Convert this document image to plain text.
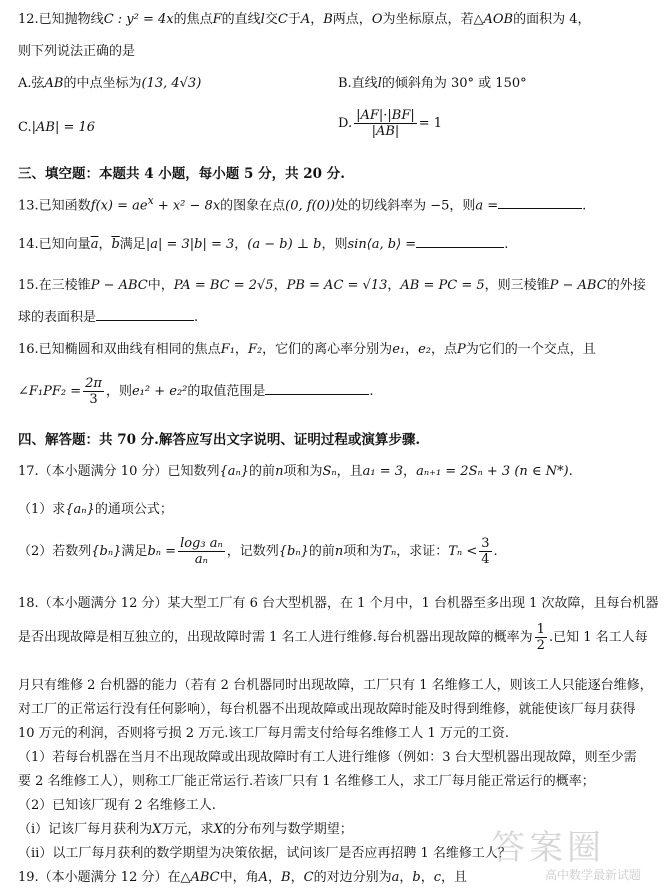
12.已知抛物线C : y² = 4x的焦点F的直线l交C于A，B两点，O为坐标原点，若△AOB的面积为 4，
则下列说法正确的是
A.弦AB的中点坐标为(13, 4√3)	B.直线l的倾斜角为 30° 或 150°
C.|AB| = 16	D. $\frac{|AF|\cdot|BF|}{|AB|} = 1$
三、填空题：本题共 4 小题，每小题 5 分，共 20 分.
13.已知函数$f(x) = ae^x + x^2 - 8x$的图象在点(0, f(0))处的切线斜率为 −5，则a =	.
14.已知向量$\overline{a}$，$\overline{b}$满足|a| = 3|b| = 3，(a − b) ⊥ b，则sin⟨a, b⟩ =	.
15.在三棱锥P − ABC中，PA = BC = 2√5，PB = AC = √13，AB = PC = 5，则三棱锥P − ABC的外接
球的表面积是	.
16.已知椭圆和双曲线有相同的焦点F₁，F₂，它们的离心率分别为e₁，e₂，点P为它们的一个交点，且
∠F₁PF₂ = $\frac{2\pi}{3}$ ，则e₁² + e₂²的取值范围是	.
四、解答题：共 70 分.解答应写出文字说明、证明过程或演算步骤.
17.（本小题满分 10 分）已知数列{aₙ}的前n项和为Sₙ，且a₁ = 3，aₙ₊₁ = 2Sₙ + 3 (n ∈ N*).
（1）求{aₙ}的通项公式；
（2）若数列{bₙ}满足$b_n = \frac{\text{log₃ aₙ}}{\text{aₙ}}$ ，记数列{bₙ}的前n项和为Tₙ，求证：$T_n < \frac{3}{4}$ .
18.（本小题满分 12 分）某大型工厂有 6 台大型机器，在 1 个月中，1 台机器至多出现 1 次故障，且每台机器
是否出现故障是相互独立的，出现故障时需 1 名工人进行维修.每台机器出现故障的概率为 $\frac{1}{2}$ .已知 1 名工人每
月只有维修 2 台机器的能力（若有 2 台机器同时出现故障，工厂只有 1 名维修工人，则该工人只能逐台维修，
对工厂的正常运行没有任何影响），每台机器不出现故障或出现故障时能及时得到维修，就能使该厂每月获得
10 万元的利润，否则将亏损 2 万元.该工厂每月需支付给每名维修工人 1 万元的工资.
（1）若每台机器在当月不出现故障或出现故障时有工人进行维修（例如：3 台大型机器出现故障，则至少需
要 2 名维修工人），则称工厂能正常运行.若该厂只有 1 名维修工人，求工厂每月能正常运行的概率；
（2）已知该厂现有 2 名维修工人.
（ⅰ）记该厂每月获利为X万元，求X的分布列与数学期望；
（ⅱ）以工厂每月获利的数学期望为决策依据，试问该厂是否应再招聘 1 名维修工人？
19.（本小题满分 12 分）在△ABC中，角A，B，C的对边分别为a，b，c，且
答案圈
高中数学最新试题
